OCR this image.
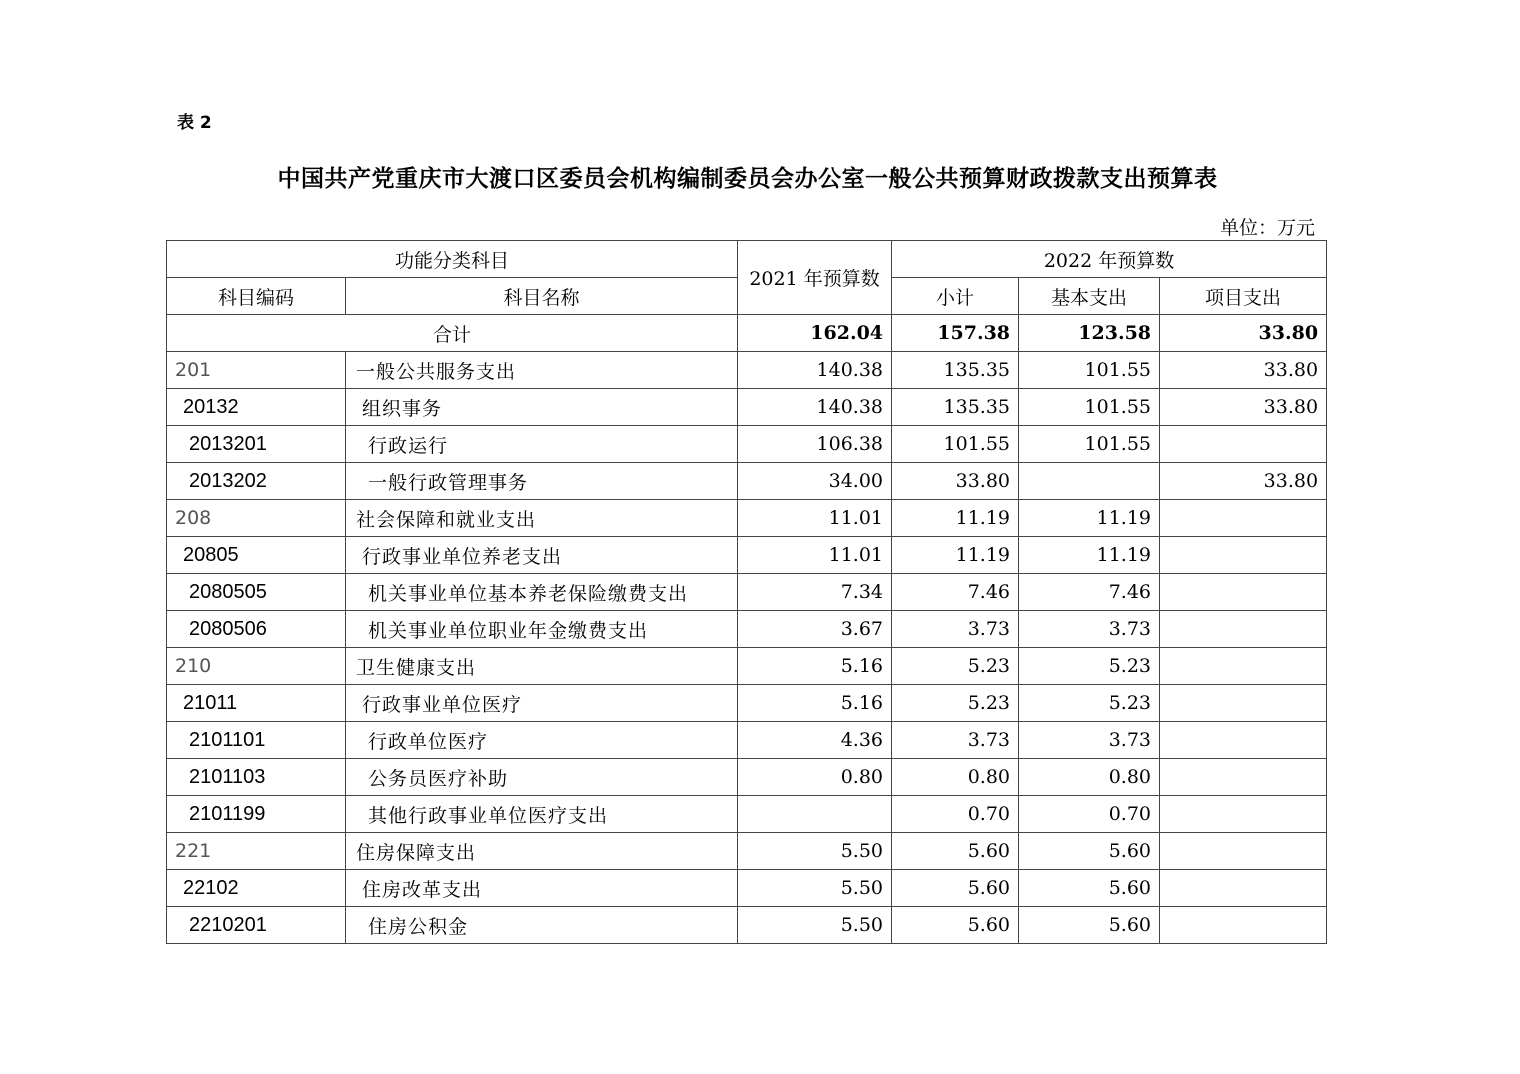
表 2
中国共产党重庆市大渡口区委员会机构编制委员会办公室一般公共预算财政拨款支出预算表
单位：万元
功能分类科目		2021 年预算数	2022 年预算数		
科目编码	科目名称		小计	基本支出	项目支出
合计		162.04	157.38	123.58	33.80
201	一般公共服务支出	140.38	135.35	101.55	33.80
20132	组织事务	140.38	135.35	101.55	33.80
2013201	行政运行	106.38	101.55	101.55	
2013202	一般行政管理事务	34.00	33.80		33.80
208	社会保障和就业支出	11.01	11.19	11.19	
20805	行政事业单位养老支出	11.01	11.19	11.19	
2080505	机关事业单位基本养老保险缴费支出	7.34	7.46	7.46	
2080506	机关事业单位职业年金缴费支出	3.67	3.73	3.73	
210	卫生健康支出	5.16	5.23	5.23	
21011	行政事业单位医疗	5.16	5.23	5.23	
2101101	行政单位医疗	4.36	3.73	3.73	
2101103	公务员医疗补助	0.80	0.80	0.80	
2101199	其他行政事业单位医疗支出		0.70	0.70	
221	住房保障支出	5.50	5.60	5.60	
22102	住房改革支出	5.50	5.60	5.60	
2210201	住房公积金	5.50	5.60	5.60	
